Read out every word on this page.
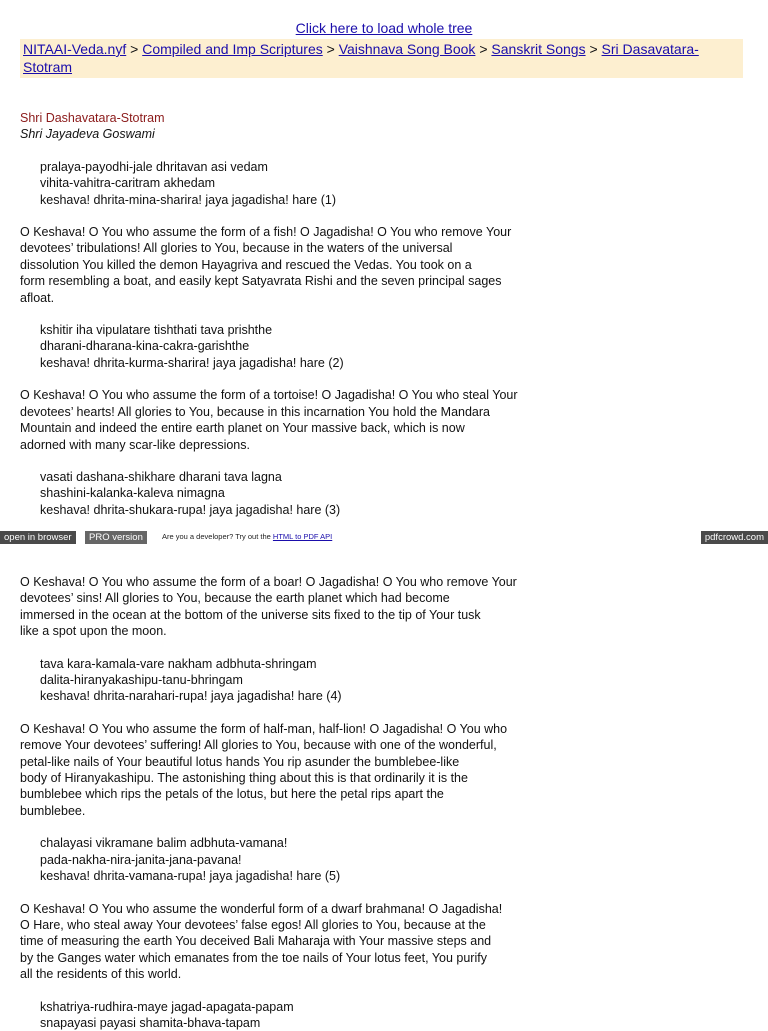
Click here to load whole tree
NITAAI-Veda.nyf > Compiled and Imp Scriptures > Vaishnava Song Book > Sanskrit Songs > Sri Dasavatara-Stotram

Shri Dashavatara-Stotram

Shri Jayadeva Goswami

pralaya-payodhi-jale dhritavan asi vedam

vihita-vahitra-caritram akhedam

keshava! dhrita-mina-sharira! jaya jagadisha! hare (1)

O Keshava! O You who assume the form of a fish! O Jagadisha! O You who remove Your

devotees’ tribulations! All glories to You, because in the waters of the universal

dissolution You killed the demon Hayagriva and rescued the Vedas. You took on a

form resembling a boat, and easily kept Satyavrata Rishi and the seven principal sages

afloat.

kshitir iha vipulatare tishthati tava prishthe

dharani-dharana-kina-cakra-garishthe

keshava! dhrita-kurma-sharira! jaya jagadisha! hare (2)

O Keshava! O You who assume the form of a tortoise! O Jagadisha! O You who steal Your

devotees’ hearts! All glories to You, because in this incarnation You hold the Mandara

Mountain and indeed the entire earth planet on Your massive back, which is now

adorned with many scar-like depressions.

vasati dashana-shikhare dharani tava lagna

shashini-kalanka-kaleva nimagna

keshava! dhrita-shukara-rupa! jaya jagadisha! hare (3)

open in browser	PRO version	Are you a developer? Try out the HTML to PDF API	pdfcrowd.com

O Keshava! O You who assume the form of a boar! O Jagadisha! O You who remove Your

devotees’ sins! All glories to You, because the earth planet which had become

immersed in the ocean at the bottom of the universe sits fixed to the tip of Your tusk

like a spot upon the moon.

tava kara-kamala-vare nakham adbhuta-shringam

dalita-hiranyakashipu-tanu-bhringam

keshava! dhrita-narahari-rupa! jaya jagadisha! hare (4)

O Keshava! O You who assume the form of half-man, half-lion! O Jagadisha! O You who

remove Your devotees’ suffering! All glories to You, because with one of the wonderful,

petal-like nails of Your beautiful lotus hands You rip asunder the bumblebee-like

body of Hiranyakashipu. The astonishing thing about this is that ordinarily it is the

bumblebee which rips the petals of the lotus, but here the petal rips apart the

bumblebee.

chalayasi vikramane balim adbhuta-vamana!

pada-nakha-nira-janita-jana-pavana!

keshava! dhrita-vamana-rupa! jaya jagadisha! hare (5)

O Keshava! O You who assume the wonderful form of a dwarf brahmana! O Jagadisha!

O Hare, who steal away Your devotees’ false egos! All glories to You, because at the

time of measuring the earth You deceived Bali Maharaja with Your massive steps and

by the Ganges water which emanates from the toe nails of Your lotus feet, You purify

all the residents of this world.

kshatriya-rudhira-maye jagad-apagata-papam

snapayasi payasi shamita-bhava-tapam
